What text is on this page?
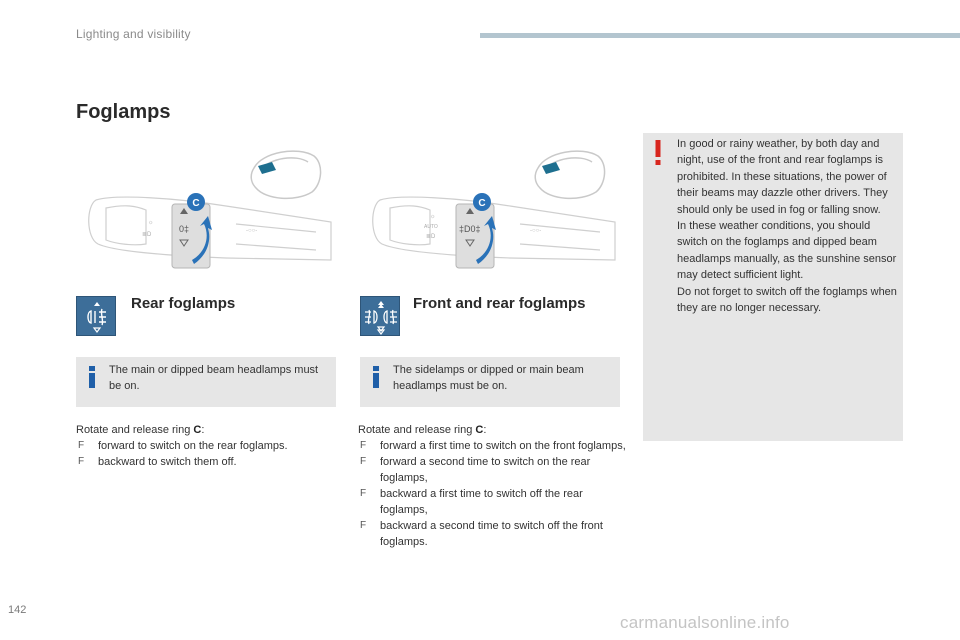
Lighting and visibility
Foglamps
☼
≣D
-○○-
0‡
C
☼
AUTO
≣D
-○○-
‡D0‡
C
Rear foglamps	Front and rear foglamps

The main or dipped beam headlamps must be on.

The sidelamps or dipped or main beam headlamps must be on.

Rotate and release ring C:

F forward to switch on the rear foglamps.

F backward to switch them off.

Rotate and release ring C:

F forward a first time to switch on the front foglamps,

F forward a second time to switch on the rear foglamps,

F backward a first time to switch off the rear foglamps,

F backward a second time to switch off the front foglamps.

In good or rainy weather, by both day and night, use of the front and rear foglamps is prohibited. In these situations, the power of their beams may dazzle other drivers. They should only be used in fog or falling snow.

In these weather conditions, you should switch on the foglamps and dipped beam headlamps manually, as the sunshine sensor may detect sufficient light.

Do not forget to switch off the foglamps when they are no longer necessary.

142
carmanualsonline.info
